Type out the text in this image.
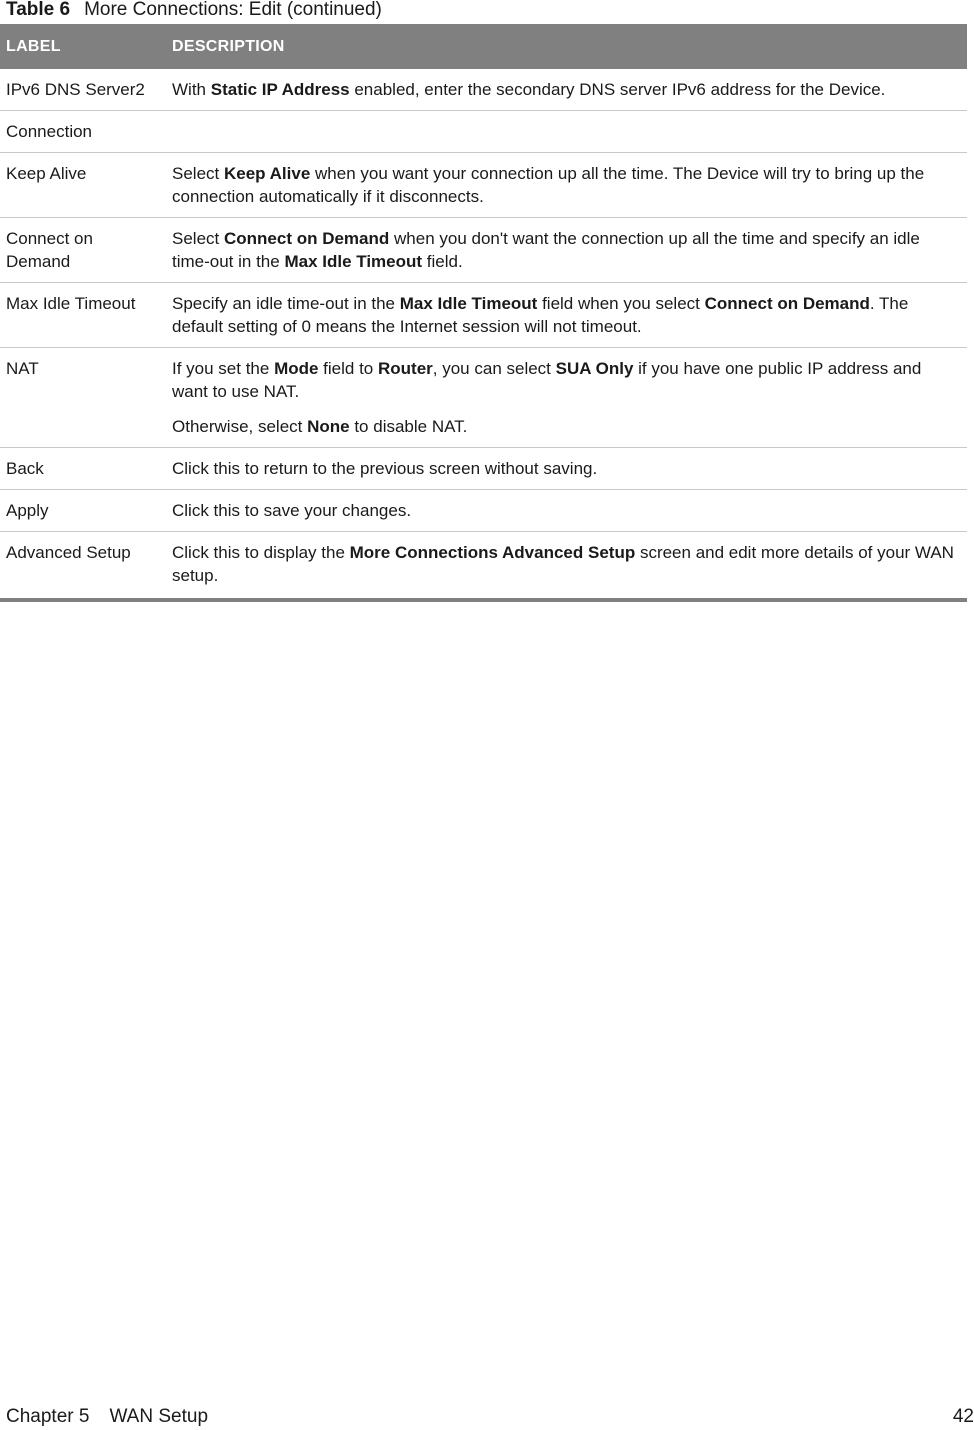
Table 6 More Connections: Edit (continued)
LABEL	DESCRIPTION
IPv6 DNS Server2	With Static IP Address enabled, enter the secondary DNS server IPv6 address for the Device.

Connection	
Keep Alive	Select Keep Alive when you want your connection up all the time. The Device will try to bring up the connection automatically if it disconnects.

Connect on Demand	Select Connect on Demand when you don't want the connection up all the time and specify an idle time-out in the Max Idle Timeout field.

Max Idle Timeout	Specify an idle time-out in the Max Idle Timeout field when you select Connect on Demand. The default setting of 0 means the Internet session will not timeout.

NAT	If you set the Mode field to Router, you can select SUA Only if you have one public IP address and want to use NAT.

Otherwise, select None to disable NAT.

Back	Click this to return to the previous screen without saving.

Apply	Click this to save your changes.

Advanced Setup	Click this to display the More Connections Advanced Setup screen and edit more details of your WAN setup.

Chapter 5 WAN Setup	42
